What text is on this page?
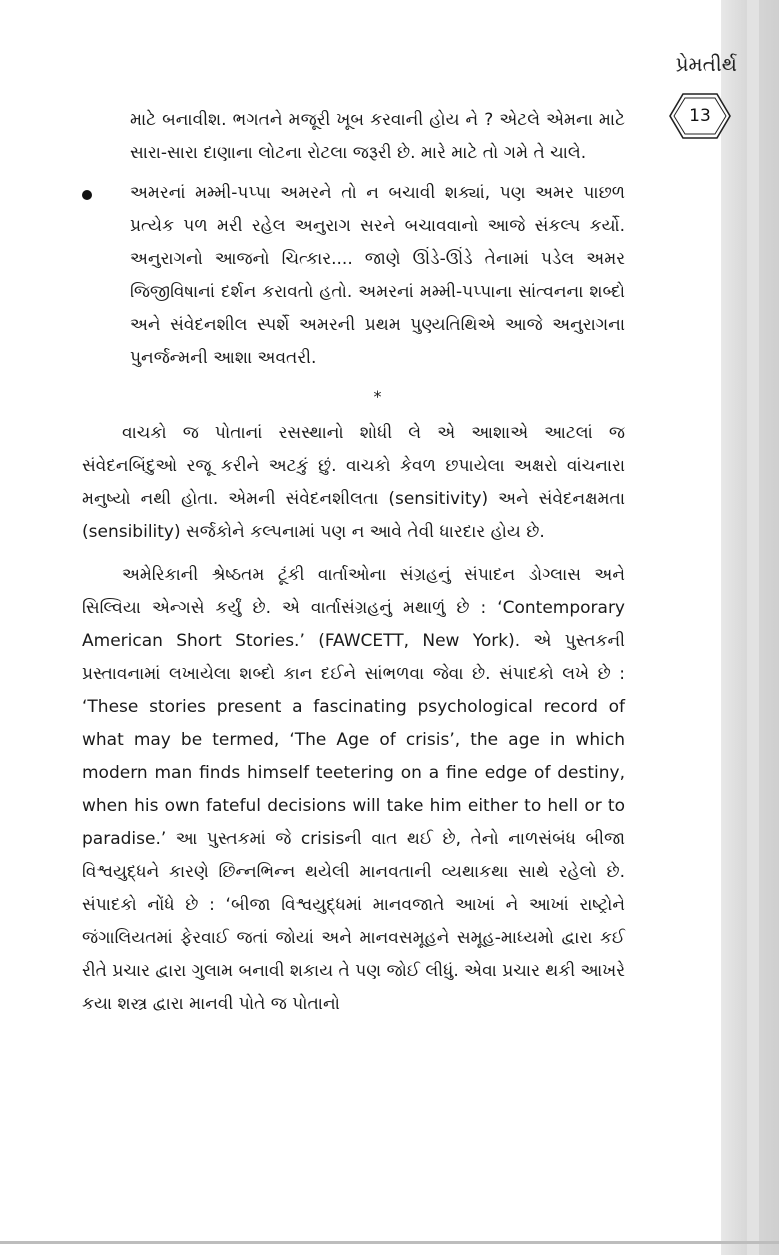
પ્રેમતીર્થ
13

માટે બનાવીશ. ભગતને મજૂરી ખૂબ કરવાની હોય ને ? એટલે એમના માટે સારા-સારા દાણાના લોટના રોટલા જરૂરી છે. મારે માટે તો ગમે તે ચાલે.

અમરનાં મમ્મી-પપ્પા અમરને તો ન બચાવી શક્યાં, પણ અમર પાછળ પ્રત્યેક પળ મરી રહેલ અનુરાગ સરને બચાવવાનો આજે સંકલ્પ કર્યો. અનુરાગનો આજનો ચિત્કાર.... જાણે ઊંડે-ઊંડે તેનામાં પડેલ અમર જિજીવિષાનાં દર્શન કરાવતો હતો. અમરનાં મમ્મી-પપ્પાના સાંત્વનના શબ્દો અને સંવેદનશીલ સ્પર્શે અમરની પ્રથમ પુણ્યતિથિએ આજે અનુરાગના પુનર્જન્મની આશા અવતરી.

*

વાચકો જ પોતાનાં રસસ્થાનો શોધી લે એ આશાએ આટલાં જ સંવેદનબિંદુઓ રજૂ કરીને અટકું છું. વાચકો કેવળ છપાયેલા અક્ષરો વાંચનારા મનુષ્યો નથી હોતા. એમની સંવેદનશીલતા (sensitivity) અને સંવેદનક્ષમતા (sensibility) સર્જકોને કલ્પનામાં પણ ન આવે તેવી ધારદાર હોય છે.

અમેરિકાની શ્રેષ્ઠતમ ટૂંકી વાર્તાઓના સંગ્રહનું સંપાદન ડોગ્લાસ અને સિલ્વિયા એન્ગસે કર્યું છે. એ વાર્તાસંગ્રહનું મથાળું છે : ‘Contemporary American Short Stories.’ (FAWCETT, New York). એ પુસ્તકની પ્રસ્તાવનામાં લખાયેલા શબ્દો કાન દઈને સાંભળવા જેવા છે. સંપાદકો લખે છે : ‘These stories present a fascinating psychological record of what may be termed, ‘The Age of crisis’, the age in which modern man finds himself teetering on a fine edge of destiny, when his own fateful decisions will take him either to hell or to paradise.’ આ પુસ્તકમાં જે crisisની વાત થઈ છે, તેનો નાળસંબંધ બીજા વિશ્વયુદ્ધને કારણે છિન્નભિન્ન થયેલી માનવતાની વ્યથાકથા સાથે રહેલો છે. સંપાદકો નોંધે છે : ‘બીજા વિશ્વયુદ્ધમાં માનવજાતે આખાં ને આખાં રાષ્ટ્રોને જંગાલિયતમાં ફેરવાઈ જતાં જોયાં અને માનવસમૂહને સમૂહ-માધ્યમો દ્વારા કઈ રીતે પ્રચાર દ્વારા ગુલામ બનાવી શકાય તે પણ જોઈ લીધું. એવા પ્રચાર થકી આખરે કયા શસ્ત્ર દ્વારા માનવી પોતે જ પોતાનો
